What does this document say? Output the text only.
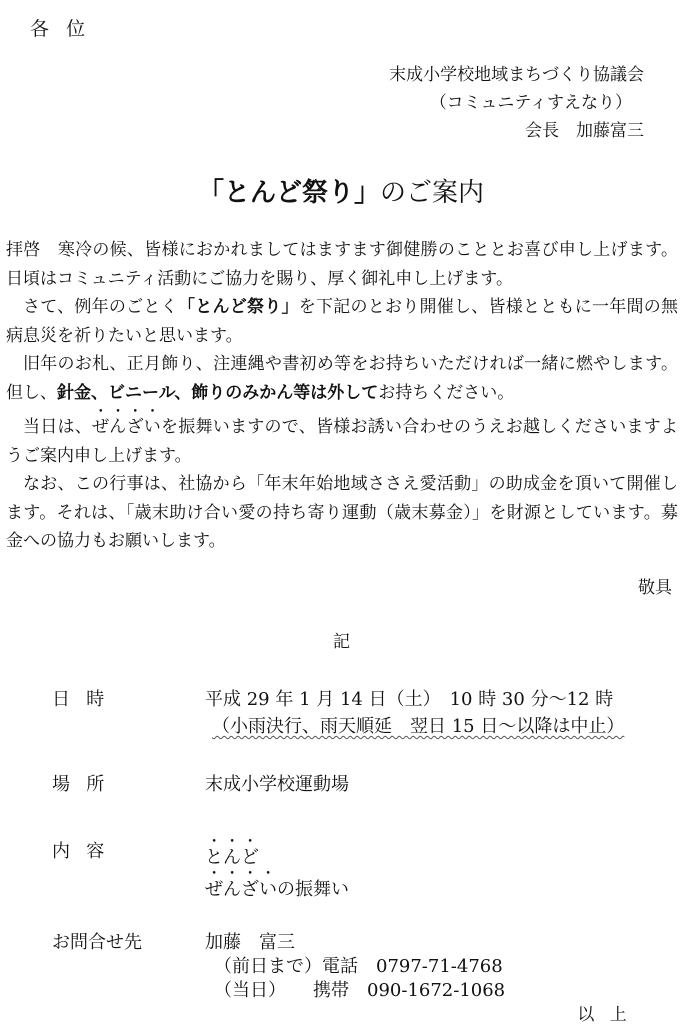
各位
末成小学校地域まちづくり協議会
（コミュニティすえなり）
会長　加藤富三
「とんど祭り」のご案内

拝啓　寒冷の候、皆様におかれましてはますます御健勝のこととお喜び申し上げます。日頃はコミュニティ活動にご協力を賜り、厚く御礼申し上げます。

さて、例年のごとく「とんど祭り」を下記のとおり開催し、皆様とともに一年間の無病息災を祈りたいと思います。

旧年のお札、正月飾り、注連縄や書初め等をお持ちいただければ一緒に燃やします。但し、針金、ビニール、飾りのみかん等は外してお持ちください。

当日は、ぜんざいを振舞いますので、皆様お誘い合わせのうえお越しくださいますようご案内申し上げます。

なお、この行事は、社協から「年末年始地域ささえ愛活動」の助成金を頂いて開催します。それは、「歳末助け合い愛の持ち寄り運動（歳末募金）」を財源としています。募金への協力もお願いします。

敬具
記
日時	平成 29 年 1 月 14 日（土）　10 時 30 分～12 時
（小雨決行、雨天順延　翌日 15 日～以降は中止）
場所	末成小学校運動場
内容	とんど
ぜんざいの振舞い
お問合せ先	加藤　富三
（前日まで）電話　0797-71-4768
（当日）　　携帯　090-1672-1068
以上
